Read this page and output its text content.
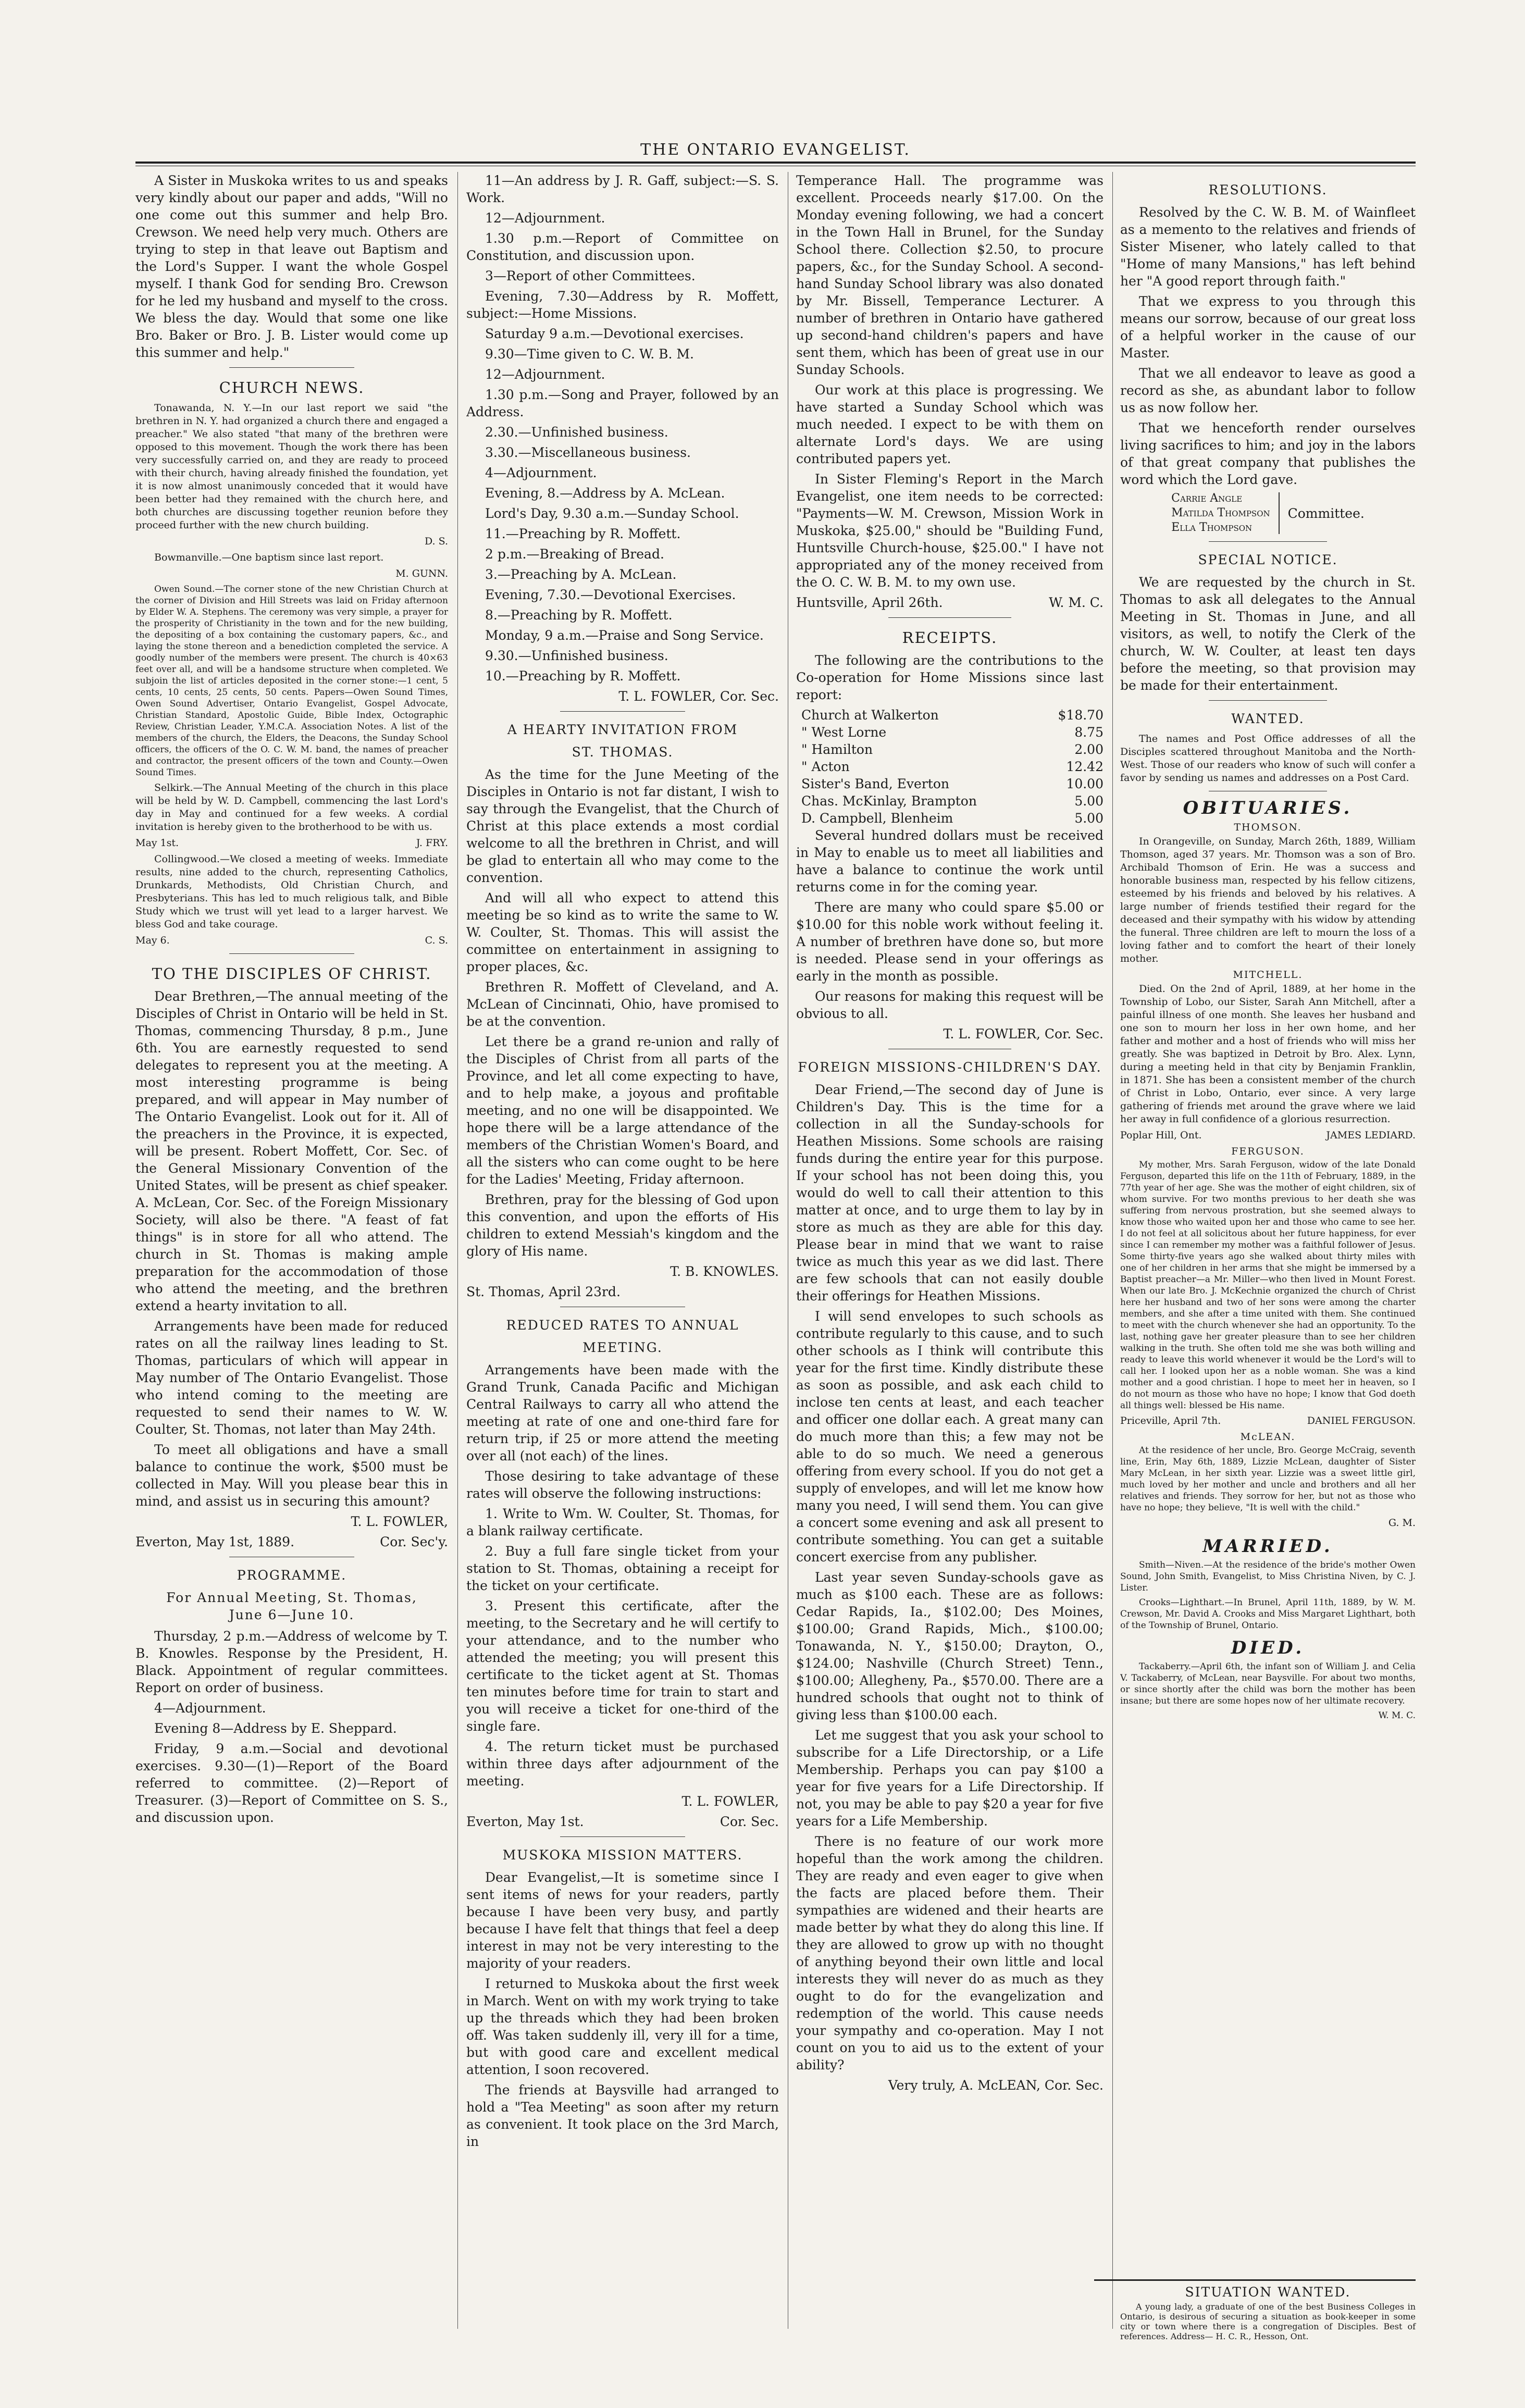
THE ONTARIO EVANGELIST.
A Sister in Muskoka writes to us and speaks very kindly about our paper and adds, "Will no one come out this summer and help Bro. Crewson. We need help very much. Others are trying to step in that leave out Baptism and the Lord's Supper. I want the whole Gospel myself. I thank God for sending Bro. Crewson for he led my husband and myself to the cross. We bless the day. Would that some one like Bro. Baker or Bro. J. B. Lister would come up this summer and help."
CHURCH NEWS.
Tonawanda, N. Y.—In our last report we said "the brethren in N. Y. had organized a church there and engaged a preacher." We also stated "that many of the brethren were opposed to this movement. Though the work there has been very successfully carried on, and they are ready to proceed with their church, having already finished the foundation, yet it is now almost unanimously conceded that it would have been better had they remained with the church here, and both churches are discussing together reunion before they proceed further with the new church building.
D. S.
Bowmanville.—One baptism since last report.
M. GUNN.
Owen Sound.—The corner stone of the new Christian Church at the corner of Division and Hill Streets was laid on Friday afternoon by Elder W. A. Stephens. The ceremony was very simple, a prayer for the prosperity of Christianity in the town and for the new building, the depositing of a box containing the customary papers, &c., and laying the stone thereon and a benediction completed the service. A goodly number of the members were present. The church is 40×63 feet over all, and will be a handsome structure when completed. We subjoin the list of articles deposited in the corner stone:—1 cent, 5 cents, 10 cents, 25 cents, 50 cents. Papers—Owen Sound Times, Owen Sound Advertiser, Ontario Evangelist, Gospel Advocate, Christian Standard, Apostolic Guide, Bible Index, Octographic Review, Christian Leader, Y.M.C.A. Association Notes. A list of the members of the church, the Elders, the Deacons, the Sunday School officers, the officers of the O. C. W. M. band, the names of preacher and contractor, the present officers of the town and County.—Owen Sound Times.
Selkirk.—The Annual Meeting of the church in this place will be held by W. D. Campbell, commencing the last Lord's day in May and continued for a few weeks. A cordial invitation is hereby given to the brotherhood to be with us.
May 1st.	J. FRY.
Collingwood.—We closed a meeting of weeks. Immediate results, nine added to the church, representing Catholics, Drunkards, Methodists, Old Christian Church, and Presbyterians. This has led to much religious talk, and Bible Study which we trust will yet lead to a larger harvest. We bless God and take courage.
May 6.	C. S.
TO THE DISCIPLES OF CHRIST.
Dear Brethren,—The annual meeting of the Disciples of Christ in Ontario will be held in St. Thomas, commencing Thursday, 8 p.m., June 6th. You are earnestly requested to send delegates to represent you at the meeting. A most interesting programme is being prepared, and will appear in May number of The Ontario Evangelist. Look out for it. All of the preachers in the Province, it is expected, will be present. Robert Moffett, Cor. Sec. of the General Missionary Convention of the United States, will be present as chief speaker. A. McLean, Cor. Sec. of the Foreign Missionary Society, will also be there. "A feast of fat things" is in store for all who attend. The church in St. Thomas is making ample preparation for the accommodation of those who attend the meeting, and the brethren extend a hearty invitation to all.
Arrangements have been made for reduced rates on all the railway lines leading to St. Thomas, particulars of which will appear in May number of The Ontario Evangelist. Those who intend coming to the meeting are requested to send their names to W. W. Coulter, St. Thomas, not later than May 24th.
To meet all obligations and have a small balance to continue the work, $500 must be collected in May. Will you please bear this in mind, and assist us in securing this amount?
T. L. FOWLER,
Everton, May 1st, 1889.	Cor. Sec'y.
PROGRAMME.
For Annual Meeting, St. Thomas,
June 6—June 10.
Thursday, 2 p.m.—Address of welcome by T. B. Knowles. Response by the President, H. Black. Appointment of regular committees. Report on order of business.
4—Adjournment.
Evening 8—Address by E. Sheppard.
Friday, 9 a.m.—Social and devotional exercises. 9.30—(1)—Report of the Board referred to committee. (2)—Report of Treasurer. (3)—Report of Committee on S. S., and discussion upon.
11—An address by J. R. Gaff, subject:—S. S. Work.
12—Adjournment.
1.30 p.m.—Report of Committee on Constitution, and discussion upon.
3—Report of other Committees.
Evening, 7.30—Address by R. Moffett, subject:—Home Missions.
Saturday 9 a.m.—Devotional exercises.
9.30—Time given to C. W. B. M.
12—Adjournment.
1.30 p.m.—Song and Prayer, followed by an Address.
2.30.—Unfinished business.
3.30.—Miscellaneous business.
4—Adjournment.
Evening, 8.—Address by A. McLean.
Lord's Day, 9.30 a.m.—Sunday School.
11.—Preaching by R. Moffett.
2 p.m.—Breaking of Bread.
3.—Preaching by A. McLean.
Evening, 7.30.—Devotional Exercises.
8.—Preaching by R. Moffett.
Monday, 9 a.m.—Praise and Song Service.
9.30.—Unfinished business.
10.—Preaching by R. Moffett.
T. L. FOWLER, Cor. Sec.
A HEARTY INVITATION FROM
ST. THOMAS.
As the time for the June Meeting of the Disciples in Ontario is not far distant, I wish to say through the Evangelist, that the Church of Christ at this place extends a most cordial welcome to all the brethren in Christ, and will be glad to entertain all who may come to the convention.
And will all who expect to attend this meeting be so kind as to write the same to W. W. Coulter, St. Thomas. This will assist the committee on entertainment in assigning to proper places, &c.
Brethren R. Moffett of Cleveland, and A. McLean of Cincinnati, Ohio, have promised to be at the convention.
Let there be a grand re-union and rally of the Disciples of Christ from all parts of the Province, and let all come expecting to have, and to help make, a joyous and profitable meeting, and no one will be disappointed. We hope there will be a large attendance of the members of the Christian Women's Board, and all the sisters who can come ought to be here for the Ladies' Meeting, Friday afternoon.
Brethren, pray for the blessing of God upon this convention, and upon the efforts of His children to extend Messiah's kingdom and the glory of His name.
T. B. KNOWLES.
St. Thomas, April 23rd.
REDUCED RATES TO ANNUAL
MEETING.
Arrangements have been made with the Grand Trunk, Canada Pacific and Michigan Central Railways to carry all who attend the meeting at rate of one and one-third fare for return trip, if 25 or more attend the meeting over all (not each) of the lines.
Those desiring to take advantage of these rates will observe the following instructions:
1. Write to Wm. W. Coulter, St. Thomas, for a blank railway certificate.
2. Buy a full fare single ticket from your station to St. Thomas, obtaining a receipt for the ticket on your certificate.
3. Present this certificate, after the meeting, to the Secretary and he will certify to your attendance, and to the number who attended the meeting; you will present this certificate to the ticket agent at St. Thomas ten minutes before time for train to start and you will receive a ticket for one-third of the single fare.
4. The return ticket must be purchased within three days after adjournment of the meeting.
T. L. FOWLER,
Everton, May 1st.	Cor. Sec.
MUSKOKA MISSION MATTERS.
Dear Evangelist,—It is sometime since I sent items of news for your readers, partly because I have been very busy, and partly because I have felt that things that feel a deep interest in may not be very interesting to the majority of your readers.
I returned to Muskoka about the first week in March. Went on with my work trying to take up the threads which they had been broken off. Was taken suddenly ill, very ill for a time, but with good care and excellent medical attention, I soon recovered.
The friends at Baysville had arranged to hold a "Tea Meeting" as soon after my return as convenient. It took place on the 3rd March, in
Temperance Hall. The programme was excellent. Proceeds nearly $17.00. On the Monday evening following, we had a concert in the Town Hall in Brunel, for the Sunday School there. Collection $2.50, to procure papers, &c., for the Sunday School. A second-hand Sunday School library was also donated by Mr. Bissell, Temperance Lecturer. A number of brethren in Ontario have gathered up second-hand children's papers and have sent them, which has been of great use in our Sunday Schools.
Our work at this place is progressing. We have started a Sunday School which was much needed. I expect to be with them on alternate Lord's days. We are using contributed papers yet.
In Sister Fleming's Report in the March Evangelist, one item needs to be corrected: "Payments—W. M. Crewson, Mission Work in Muskoka, $25.00," should be "Building Fund, Huntsville Church-house, $25.00." I have not appropriated any of the money received from the O. C. W. B. M. to my own use.
Huntsville, April 26th.	W. M. C.
RECEIPTS.
The following are the contributions to the Co-operation for Home Missions since last report:
Church at Walkerton	$18.70
" West Lorne	8.75
" Hamilton	2.00
" Acton	12.42
Sister's Band, Everton	10.00
Chas. McKinlay, Brampton	5.00
D. Campbell, Blenheim	5.00
Several hundred dollars must be received in May to enable us to meet all liabilities and have a balance to continue the work until returns come in for the coming year.
There are many who could spare $5.00 or $10.00 for this noble work without feeling it. A number of brethren have done so, but more is needed. Please send in your offerings as early in the month as possible.
Our reasons for making this request will be obvious to all.
T. L. FOWLER, Cor. Sec.
FOREIGN MISSIONS-CHILDREN'S DAY.
Dear Friend,—The second day of June is Children's Day. This is the time for a collection in all the Sunday-schools for Heathen Missions. Some schools are raising funds during the entire year for this purpose. If your school has not been doing this, you would do well to call their attention to this matter at once, and to urge them to lay by in store as much as they are able for this day. Please bear in mind that we want to raise twice as much this year as we did last. There are few schools that can not easily double their offerings for Heathen Missions.
I will send envelopes to such schools as contribute regularly to this cause, and to such other schools as I think will contribute this year for the first time. Kindly distribute these as soon as possible, and ask each child to inclose ten cents at least, and each teacher and officer one dollar each. A great many can do much more than this; a few may not be able to do so much. We need a generous offering from every school. If you do not get a supply of envelopes, and will let me know how many you need, I will send them. You can give a concert some evening and ask all present to contribute something. You can get a suitable concert exercise from any publisher.
Last year seven Sunday-schools gave as much as $100 each. These are as follows: Cedar Rapids, Ia., $102.00; Des Moines, $100.00; Grand Rapids, Mich., $100.00; Tonawanda, N. Y., $150.00; Drayton, O., $124.00; Nashville (Church Street) Tenn., $100.00; Allegheny, Pa., $570.00. There are a hundred schools that ought not to think of giving less than $100.00 each.
Let me suggest that you ask your school to subscribe for a Life Directorship, or a Life Membership. Perhaps you can pay $100 a year for five years for a Life Directorship. If not, you may be able to pay $20 a year for five years for a Life Membership.
There is no feature of our work more hopeful than the work among the children. They are ready and even eager to give when the facts are placed before them. Their sympathies are widened and their hearts are made better by what they do along this line. If they are allowed to grow up with no thought of anything beyond their own little and local interests they will never do as much as they ought to do for the evangelization and redemption of the world. This cause needs your sympathy and co-operation. May I not count on you to aid us to the extent of your ability?
Very truly, A. McLEAN, Cor. Sec.
RESOLUTIONS.
Resolved by the C. W. B. M. of Wainfleet as a memento to the relatives and friends of Sister Misener, who lately called to that "Home of many Mansions," has left behind her "A good report through faith."
That we express to you through this means our sorrow, because of our great loss of a helpful worker in the cause of our Master.
That we all endeavor to leave as good a record as she, as abundant labor to follow us as now follow her.
That we henceforth render ourselves living sacrifices to him; and joy in the labors of that great company that publishes the word which the Lord gave.
Carrie Angle
Matilda Thompson
Ella Thompson
Committee.
SPECIAL NOTICE.
We are requested by the church in St. Thomas to ask all delegates to the Annual Meeting in St. Thomas in June, and all visitors, as well, to notify the Clerk of the church, W. W. Coulter, at least ten days before the meeting, so that provision may be made for their entertainment.
WANTED.
The names and Post Office addresses of all the Disciples scattered throughout Manitoba and the North-West. Those of our readers who know of such will confer a favor by sending us names and addresses on a Post Card.
OBITUARIES.
THOMSON.
In Orangeville, on Sunday, March 26th, 1889, William Thomson, aged 37 years. Mr. Thomson was a son of Bro. Archibald Thomson of Erin. He was a success and honorable business man, respected by his fellow citizens, esteemed by his friends and beloved by his relatives. A large number of friends testified their regard for the deceased and their sympathy with his widow by attending the funeral. Three children are left to mourn the loss of a loving father and to comfort the heart of their lonely mother.
MITCHELL.
Died. On the 2nd of April, 1889, at her home in the Township of Lobo, our Sister, Sarah Ann Mitchell, after a painful illness of one month. She leaves her husband and one son to mourn her loss in her own home, and her father and mother and a host of friends who will miss her greatly. She was baptized in Detroit by Bro. Alex. Lynn, during a meeting held in that city by Benjamin Franklin, in 1871. She has been a consistent member of the church of Christ in Lobo, Ontario, ever since. A very large gathering of friends met around the grave where we laid her away in full confidence of a glorious resurrection.
Poplar Hill, Ont.	JAMES LEDIARD.
FERGUSON.
My mother, Mrs. Sarah Ferguson, widow of the late Donald Ferguson, departed this life on the 11th of February, 1889, in the 77th year of her age. She was the mother of eight children, six of whom survive. For two months previous to her death she was suffering from nervous prostration, but she seemed always to know those who waited upon her and those who came to see her. I do not feel at all solicitous about her future happiness, for ever since I can remember my mother was a faithful follower of Jesus. Some thirty-five years ago she walked about thirty miles with one of her children in her arms that she might be immersed by a Baptist preacher—a Mr. Miller—who then lived in Mount Forest. When our late Bro. J. McKechnie organized the church of Christ here her husband and two of her sons were among the charter members, and she after a time united with them. She continued to meet with the church whenever she had an opportunity. To the last, nothing gave her greater pleasure than to see her children walking in the truth. She often told me she was both willing and ready to leave this world whenever it would be the Lord's will to call her. I looked upon her as a noble woman. She was a kind mother and a good christian. I hope to meet her in heaven, so I do not mourn as those who have no hope; I know that God doeth all things well: blessed be His name.
Priceville, April 7th.	DANIEL FERGUSON.
McLEAN.
At the residence of her uncle, Bro. George McCraig, seventh line, Erin, May 6th, 1889, Lizzie McLean, daughter of Sister Mary McLean, in her sixth year. Lizzie was a sweet little girl, much loved by her mother and uncle and brothers and all her relatives and friends. They sorrow for her, but not as those who have no hope; they believe, "It is well with the child."
G. M.
MARRIED.
Smith—Niven.—At the residence of the bride's mother Owen Sound, John Smith, Evangelist, to Miss Christina Niven, by C. J. Lister.
Crooks—Lighthart.—In Brunel, April 11th, 1889, by W. M. Crewson, Mr. David A. Crooks and Miss Margaret Lighthart, both of the Township of Brunel, Ontario.
DIED.
Tackaberry.—April 6th, the infant son of William J. and Celia V. Tackaberry, of McLean, near Baysville. For about two months, or since shortly after the child was born the mother has been insane; but there are some hopes now of her ultimate recovery.
W. M. C.
SITUATION WANTED.
A young lady, a graduate of one of the best Business Colleges in Ontario, is desirous of securing a situation as book-keeper in some city or town where there is a congregation of Disciples. Best of references. Address— H. C. R., Hesson, Ont.
